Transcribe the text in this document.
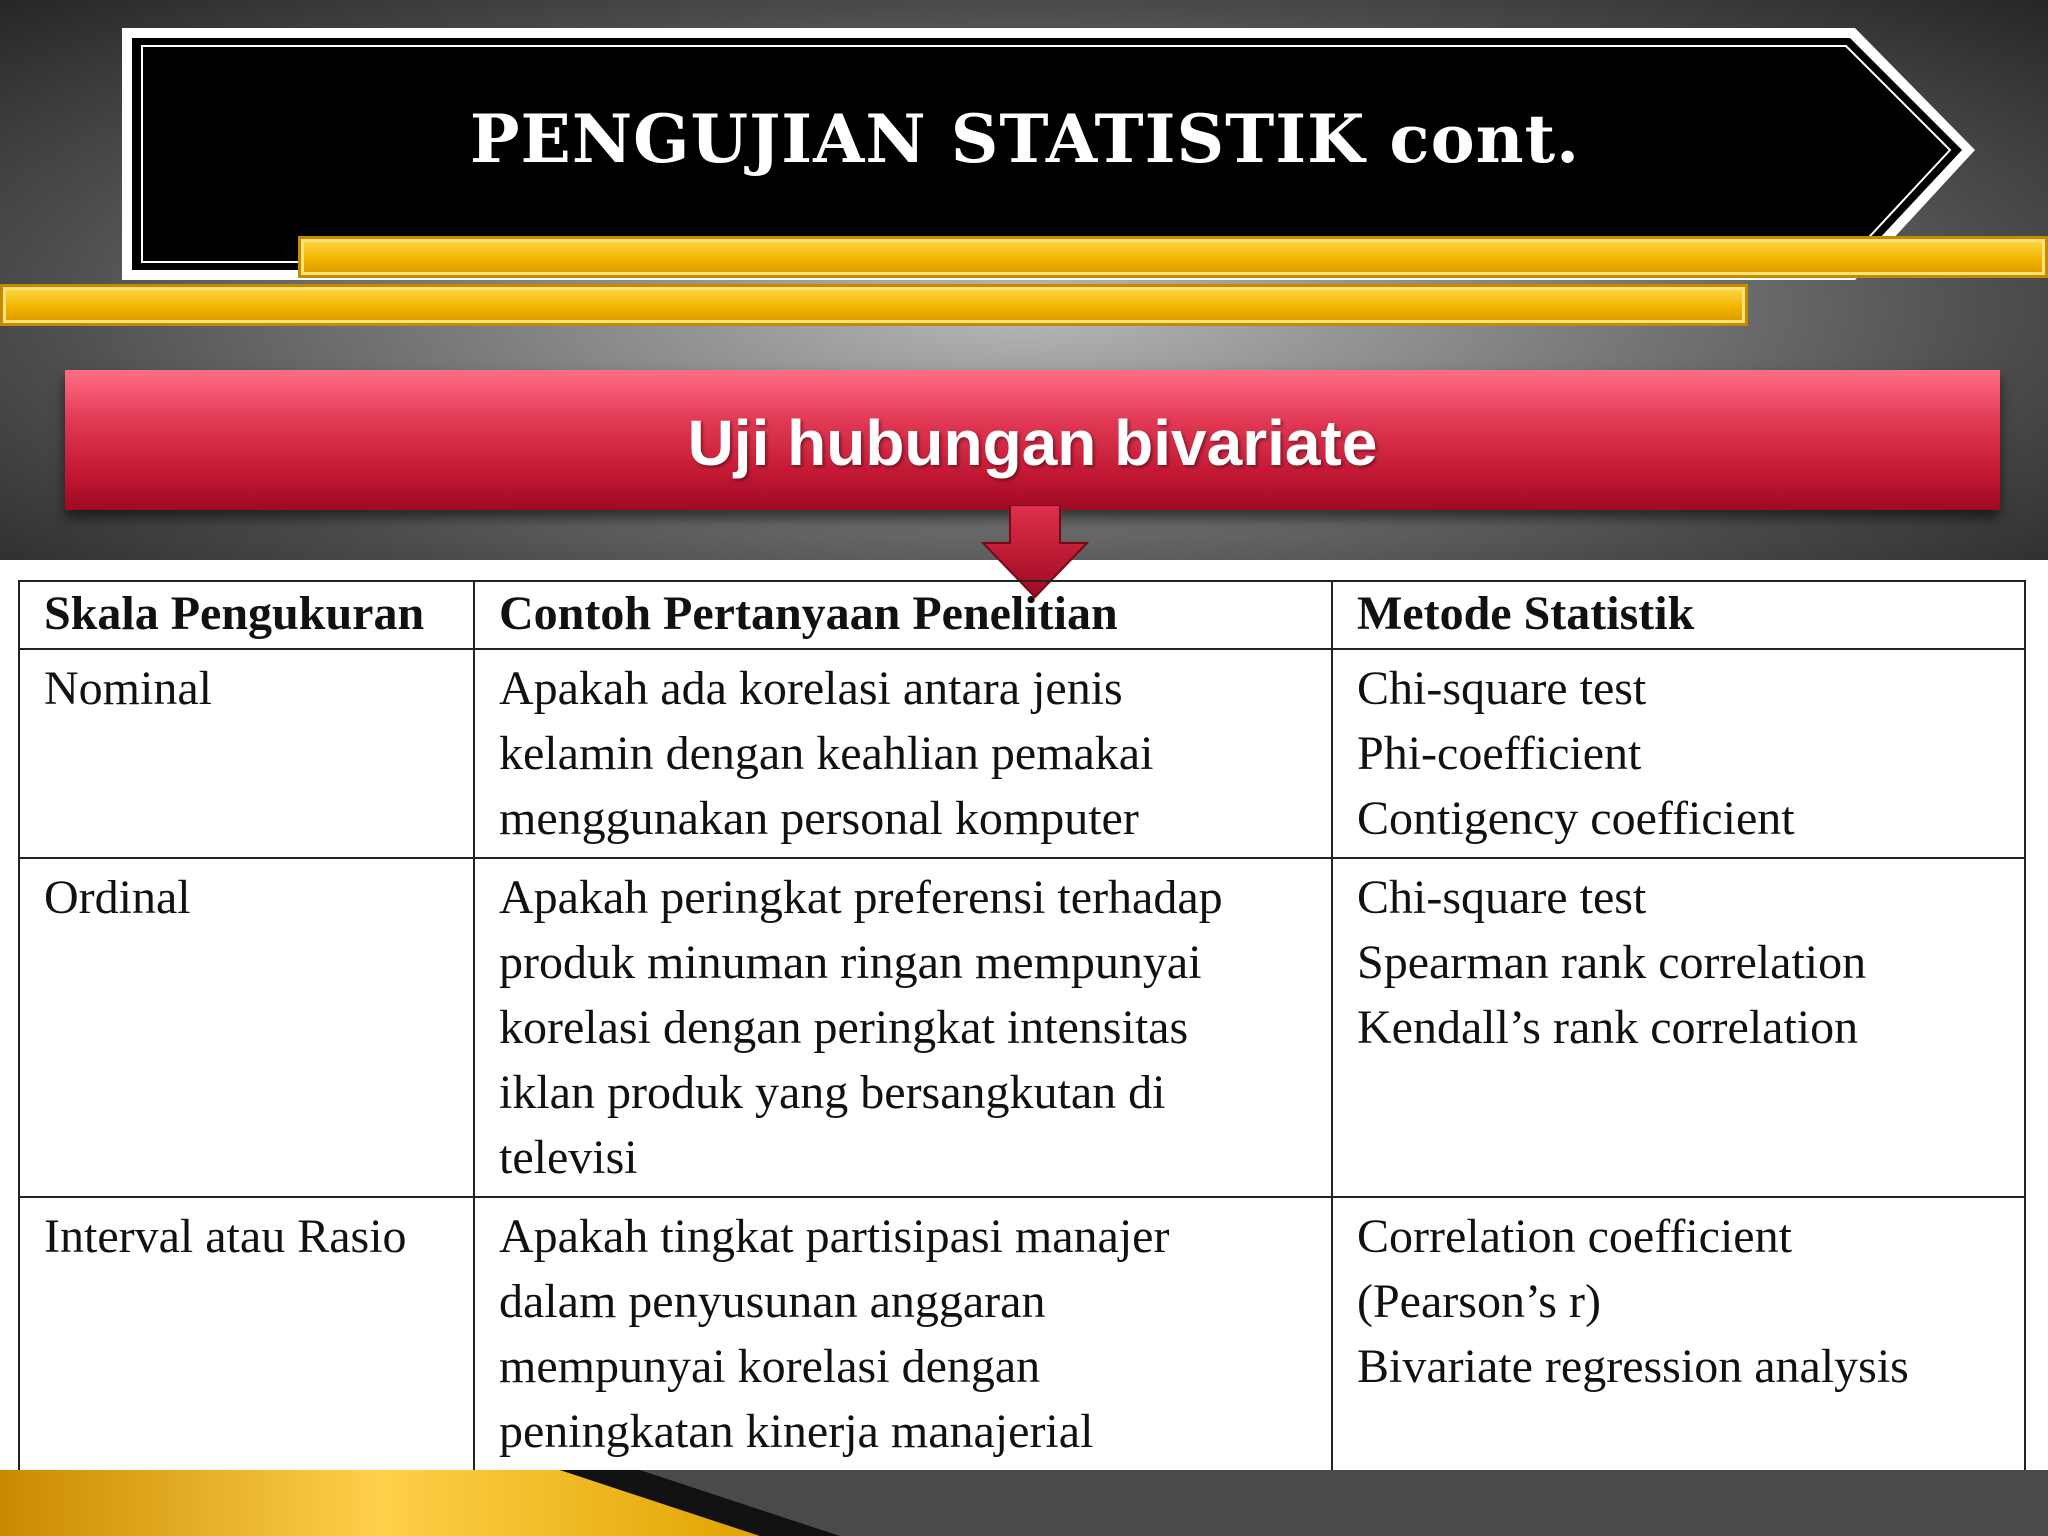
PENGUJIAN STATISTIK cont.
Uji hubungan bivariate
Skala Pengukuran	Contoh Pertanyaan Penelitian	Metode Statistik
Nominal	Apakah ada korelasi antara jenis
kelamin dengan keahlian pemakai
menggunakan personal komputer	Chi-square test
Phi-coefficient
Contigency coefficient

Ordinal	Apakah peringkat preferensi terhadap
produk minuman ringan mempunyai
korelasi dengan peringkat intensitas
iklan produk yang bersangkutan di
televisi	Chi-square test
Spearman rank correlation
Kendall’s rank correlation

Interval atau Rasio	Apakah tingkat partisipasi manajer
dalam penyusunan anggaran
mempunyai korelasi dengan
peningkatan kinerja manajerial	Correlation coefficient
(Pearson’s r)
Bivariate regression analysis
